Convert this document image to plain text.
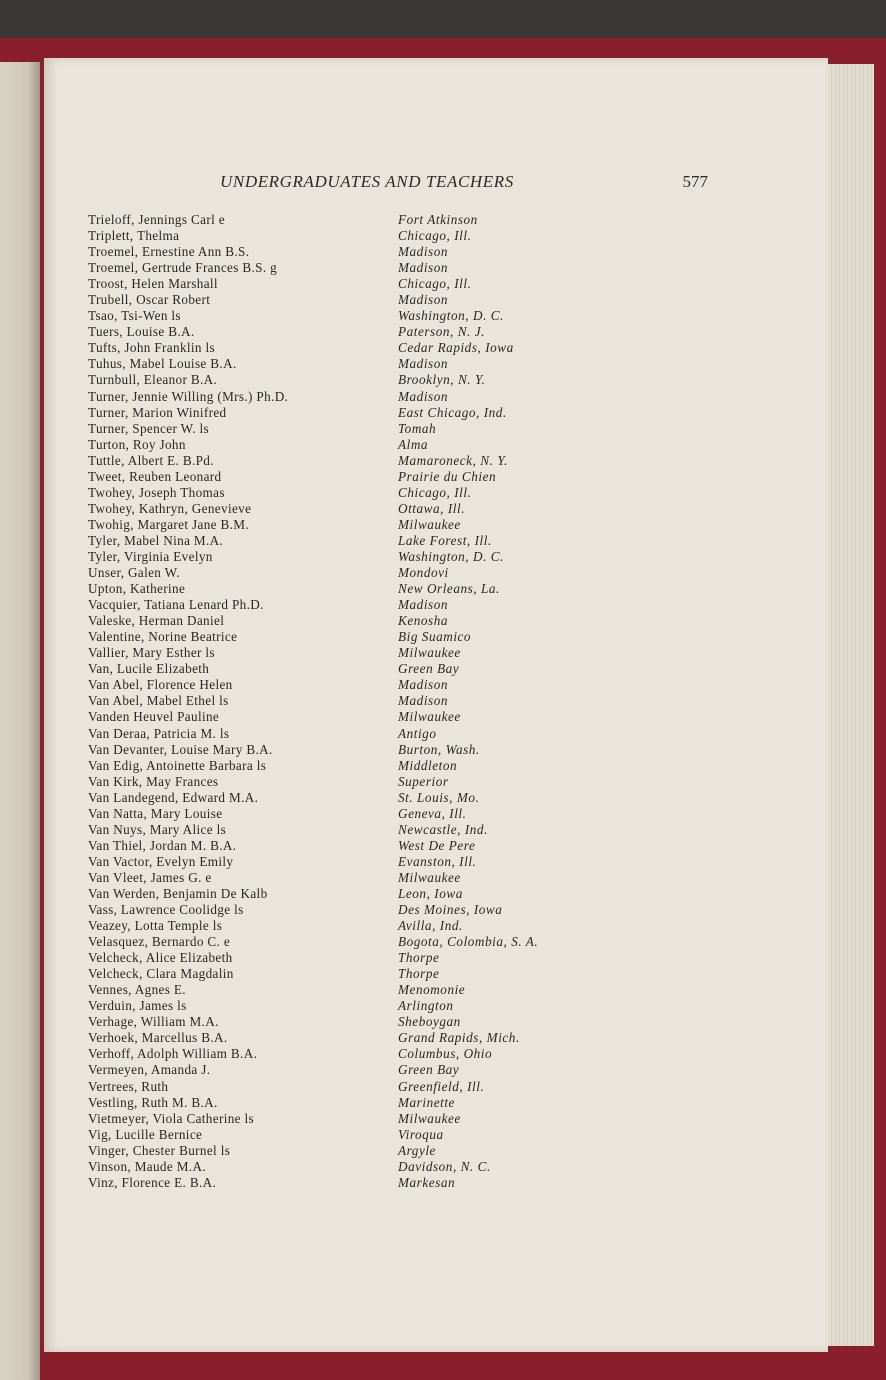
UNDERGRADUATES AND TEACHERS	577
Trieloff, Jennings Carl e	Fort Atkinson
Triplett, Thelma	Chicago, Ill.
Troemel, Ernestine Ann B.S.	Madison
Troemel, Gertrude Frances B.S. g	Madison
Troost, Helen Marshall	Chicago, Ill.
Trubell, Oscar Robert	Madison
Tsao, Tsi-Wen ls	Washington, D. C.
Tuers, Louise B.A.	Paterson, N. J.
Tufts, John Franklin ls	Cedar Rapids, Iowa
Tuhus, Mabel Louise B.A.	Madison
Turnbull, Eleanor B.A.	Brooklyn, N. Y.
Turner, Jennie Willing (Mrs.) Ph.D.	Madison
Turner, Marion Winifred	East Chicago, Ind.
Turner, Spencer W. ls	Tomah
Turton, Roy John	Alma
Tuttle, Albert E. B.Pd.	Mamaroneck, N. Y.
Tweet, Reuben Leonard	Prairie du Chien
Twohey, Joseph Thomas	Chicago, Ill.
Twohey, Kathryn, Genevieve	Ottawa, Ill.
Twohig, Margaret Jane B.M.	Milwaukee
Tyler, Mabel Nina M.A.	Lake Forest, Ill.
Tyler, Virginia Evelyn	Washington, D. C.
Unser, Galen W.	Mondovi
Upton, Katherine	New Orleans, La.
Vacquier, Tatiana Lenard Ph.D.	Madison
Valeske, Herman Daniel	Kenosha
Valentine, Norine Beatrice	Big Suamico
Vallier, Mary Esther ls	Milwaukee
Van, Lucile Elizabeth	Green Bay
Van Abel, Florence Helen	Madison
Van Abel, Mabel Ethel ls	Madison
Vanden Heuvel Pauline	Milwaukee
Van Deraa, Patricia M. ls	Antigo
Van Devanter, Louise Mary B.A.	Burton, Wash.
Van Edig, Antoinette Barbara ls	Middleton
Van Kirk, May Frances	Superior
Van Landegend, Edward M.A.	St. Louis, Mo.
Van Natta, Mary Louise	Geneva, Ill.
Van Nuys, Mary Alice ls	Newcastle, Ind.
Van Thiel, Jordan M. B.A.	West De Pere
Van Vactor, Evelyn Emily	Evanston, Ill.
Van Vleet, James G. e	Milwaukee
Van Werden, Benjamin De Kalb	Leon, Iowa
Vass, Lawrence Coolidge ls	Des Moines, Iowa
Veazey, Lotta Temple ls	Avilla, Ind.
Velasquez, Bernardo C. e	Bogota, Colombia, S. A.
Velcheck, Alice Elizabeth	Thorpe
Velcheck, Clara Magdalin	Thorpe
Vennes, Agnes E.	Menomonie
Verduin, James ls	Arlington
Verhage, William M.A.	Sheboygan
Verhoek, Marcellus B.A.	Grand Rapids, Mich.
Verhoff, Adolph William B.A.	Columbus, Ohio
Vermeyen, Amanda J.	Green Bay
Vertrees, Ruth	Greenfield, Ill.
Vestling, Ruth M. B.A.	Marinette
Vietmeyer, Viola Catherine ls	Milwaukee
Vig, Lucille Bernice	Viroqua
Vinger, Chester Burnel ls	Argyle
Vinson, Maude M.A.	Davidson, N. C.
Vinz, Florence E. B.A.	Markesan
